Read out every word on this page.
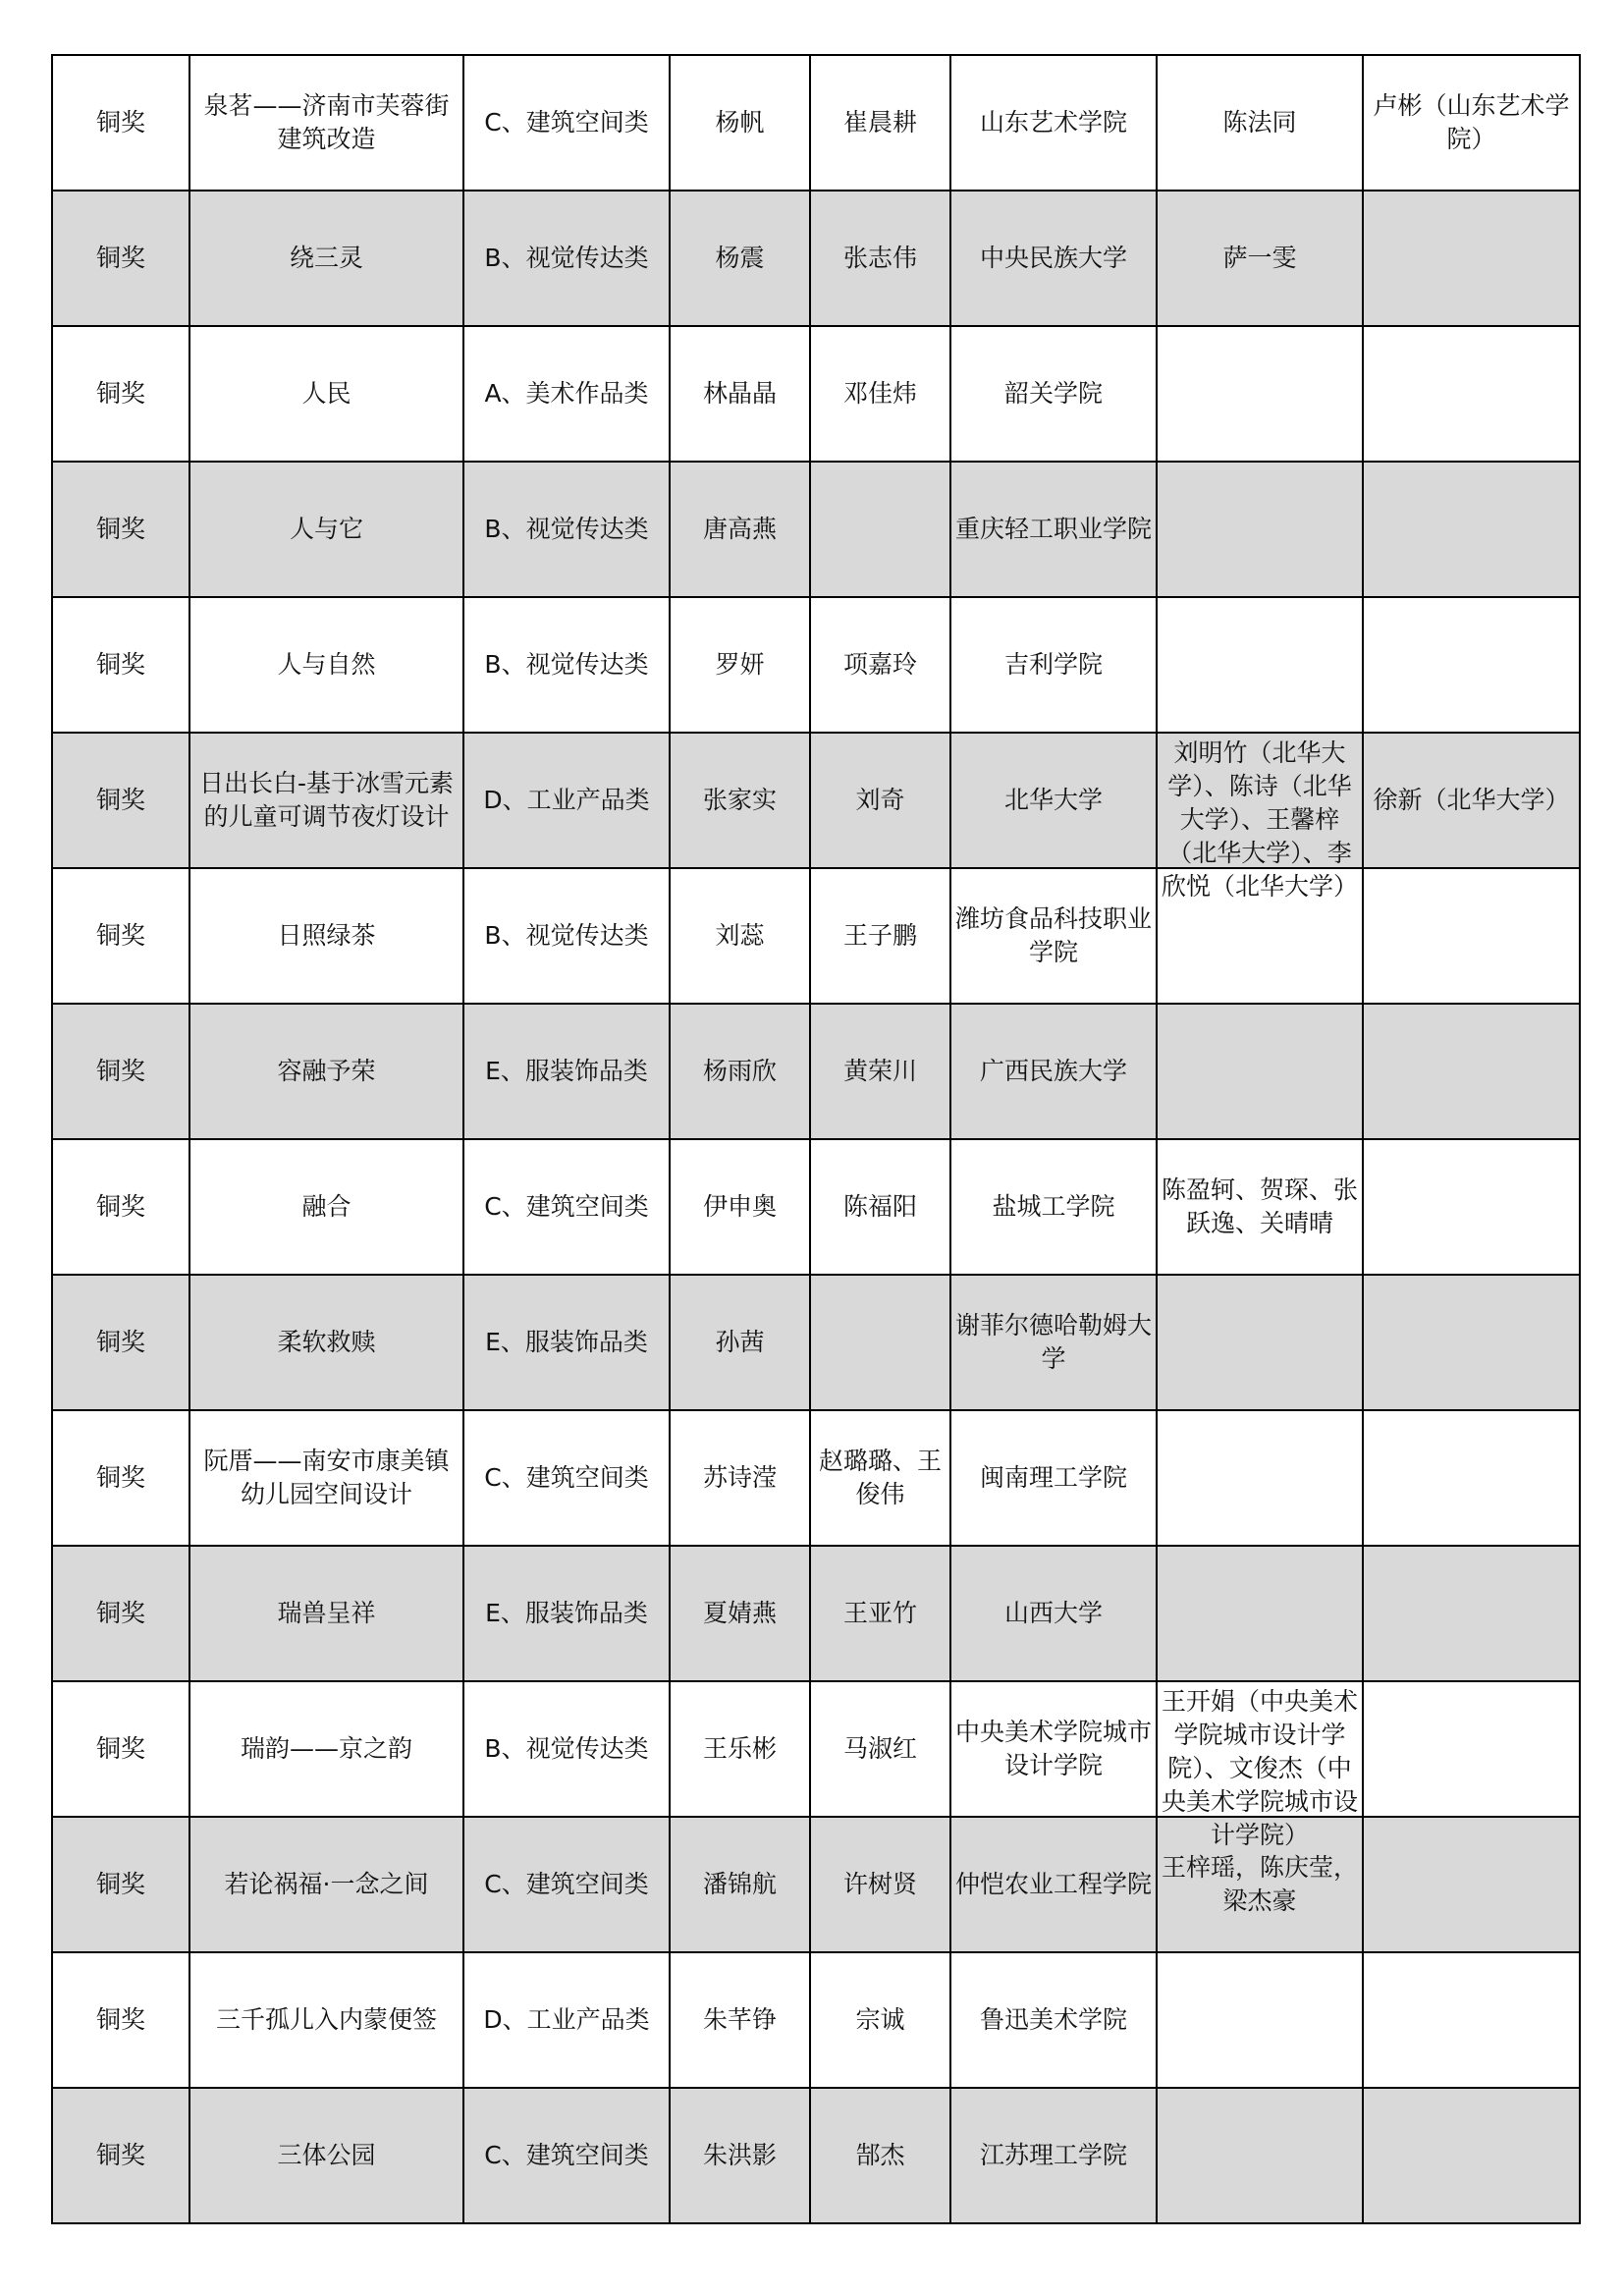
铜奖	泉茗——济南市芙蓉街建筑改造	C、建筑空间类	杨帆	崔晨耕	山东艺术学院	陈法同	卢彬（山东艺术学院）

铜奖	绕三灵	B、视觉传达类	杨震	张志伟	中央民族大学	萨一雯	

铜奖	人民	A、美术作品类	林晶晶	邓佳炜	韶关学院		

铜奖	人与它	B、视觉传达类	唐高燕		重庆轻工职业学院		

铜奖	人与自然	B、视觉传达类	罗妍	项嘉玲	吉利学院		

铜奖	日出长白-基于冰雪元素的儿童可调节夜灯设计	D、工业产品类	张家实	刘奇	北华大学	刘明竹（北华大学）、陈诗（北华大学）、王馨梓（北华大学）、李欣悦（北华大学）	徐新（北华大学）

铜奖	日照绿茶	B、视觉传达类	刘蕊	王子鹏	潍坊食品科技职业学院		

铜奖	容融予荣	E、服装饰品类	杨雨欣	黄荣川	广西民族大学		

铜奖	融合	C、建筑空间类	伊申奥	陈福阳	盐城工学院	陈盈轲、贺琛、张跃逸、关晴晴	

铜奖	柔软救赎	E、服装饰品类	孙茜		谢菲尔德哈勒姆大学		

铜奖	阮厝——南安市康美镇幼儿园空间设计	C、建筑空间类	苏诗滢	赵璐璐、王俊伟	闽南理工学院		

铜奖	瑞兽呈祥	E、服装饰品类	夏婧燕	王亚竹	山西大学		

铜奖	瑞韵——京之韵	B、视觉传达类	王乐彬	马淑红	中央美术学院城市设计学院	王开娟（中央美术学院城市设计学院）、文俊杰（中央美术学院城市设计学院）	

铜奖	若论祸福·一念之间	C、建筑空间类	潘锦航	许树贤	仲恺农业工程学院	王梓瑶，陈庆莹，梁杰豪	

铜奖	三千孤儿入内蒙便签	D、工业产品类	朱芊铮	宗诚	鲁迅美术学院		

铜奖	三体公园	C、建筑空间类	朱洪影	郜杰	江苏理工学院		
